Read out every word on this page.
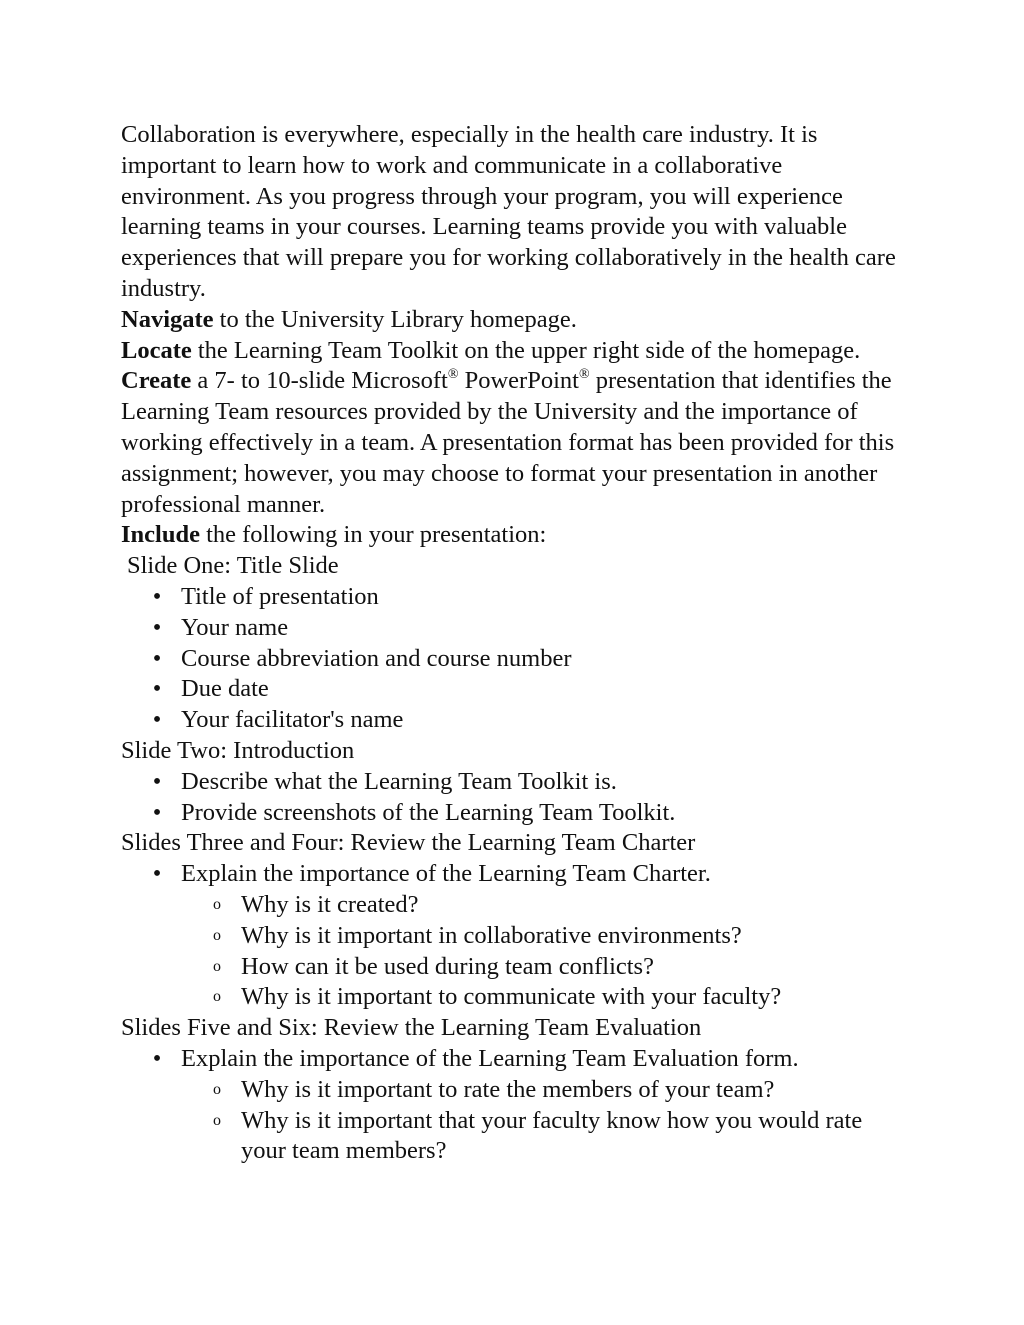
Collaboration is everywhere, especially in the health care industry. It is important to learn how to work and communicate in a collaborative environment. As you progress through your program, you will experience learning teams in your courses. Learning teams provide you with valuable experiences that will prepare you for working collaboratively in the health care industry.

Navigate to the University Library homepage.

Locate the Learning Team Toolkit on the upper right side of the homepage.

Create a 7- to 10-slide Microsoft® PowerPoint® presentation that identifies the Learning Team resources provided by the University and the importance of working effectively in a team. A presentation format has been provided for this assignment; however, you may choose to format your presentation in another professional manner.

Include the following in your presentation:

Slide One: Title Slide

• Title of presentation
• Your name
• Course abbreviation and course number
• Due date
• Your facilitator's name

Slide Two: Introduction

• Describe what the Learning Team Toolkit is.
• Provide screenshots of the Learning Team Toolkit.

Slides Three and Four: Review the Learning Team Charter

• Explain the importance of the Learning Team Charter.
o Why is it created?
o Why is it important in collaborative environments?
o How can it be used during team conflicts?
o Why is it important to communicate with your faculty?

Slides Five and Six: Review the Learning Team Evaluation

• Explain the importance of the Learning Team Evaluation form.
o Why is it important to rate the members of your team?
o Why is it important that your faculty know how you would rate your team members?
